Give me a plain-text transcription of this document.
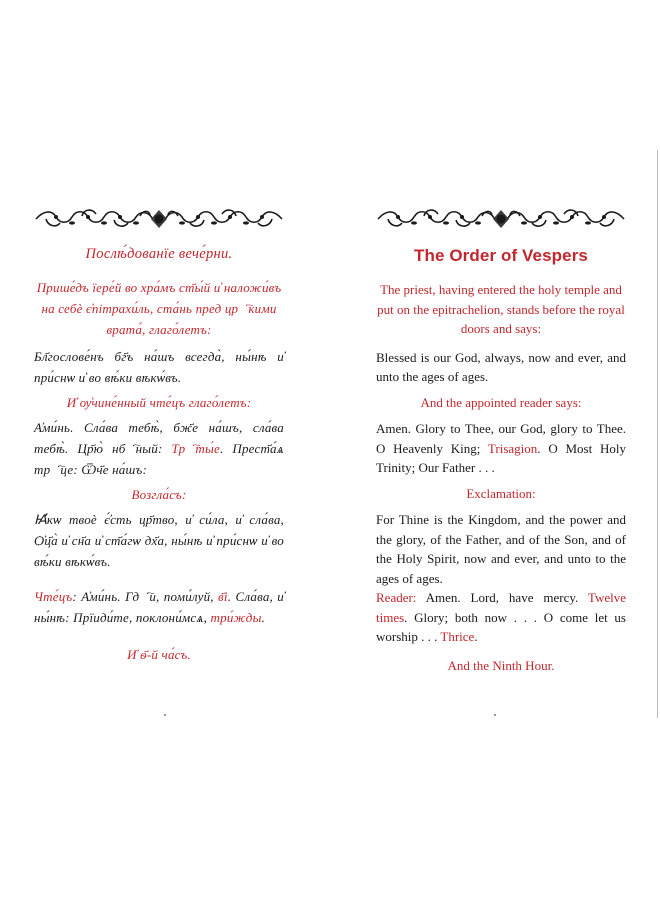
Послѣ́дованїе вече́рни.

Прише́дъ їере́й во хра́мъ ст҃ы́й и҆ наложи́въ на себѐ є҆пітрахи́ль, ста́нь пред црⷭ҇кими врата́, глаго́летъ:

Бл҃гослове́нъ бг҃ъ на́шъ всегда̀, ны́нѣ и҆ при́снѡ и҆ во вѣ́ки вѣкѡ́въ.

И҆ ѹ҆чине́нный чте́цъ глаго́летъ:

А҆ми́нь. Сла́ва тебѣ̀, бж҃е на́шъ, сла́ва тебѣ̀. Цр҃ю̀ нбⷭ҇ный: Трⷭ҇ты́е. Прест҃а́ѧ трⷪ҇це: Ѿч҃е на́шъ:

Возгла́съ:

Ꙗ҆́кѡ твоѐ є҆́сть цр҃тво, и҆ си́ла, и҆ сла́ва, Ѻ҆ц҃а̀ и҆ сн҃а и҆ ст҃а́гѡ дх҃а, ны́нѣ и҆ при́снѡ и҆ во вѣ́ки вѣкѡ́въ.

Чте́цъ: А҆ми́нь. Гдⷭ҇и, поми́луй, в҃і. Сла́ва, и҆ ны́нѣ: Прїиди́те, поклони́мсѧ, три́жды.

И҆ ѳ҃-й ча́съ.

The Order of Vespers

The priest, having entered the holy temple and put on the epitrachelion, stands before the royal doors and says:

Blessed is our God, always, now and ever, and unto the ages of ages.

And the appointed reader says:

Amen. Glory to Thee, our God, glory to Thee. O Heavenly King; Trisagion. O Most Holy Trinity; Our Father . . .

Exclamation:

For Thine is the Kingdom, and the power and the glory, of the Father, and of the Son, and of the Holy Spirit, now and ever, and unto to the ages of ages.

Reader: Amen. Lord, have mercy. Twelve times. Glory; both now . . . O come let us worship . . . Thrice.

And the Ninth Hour.
